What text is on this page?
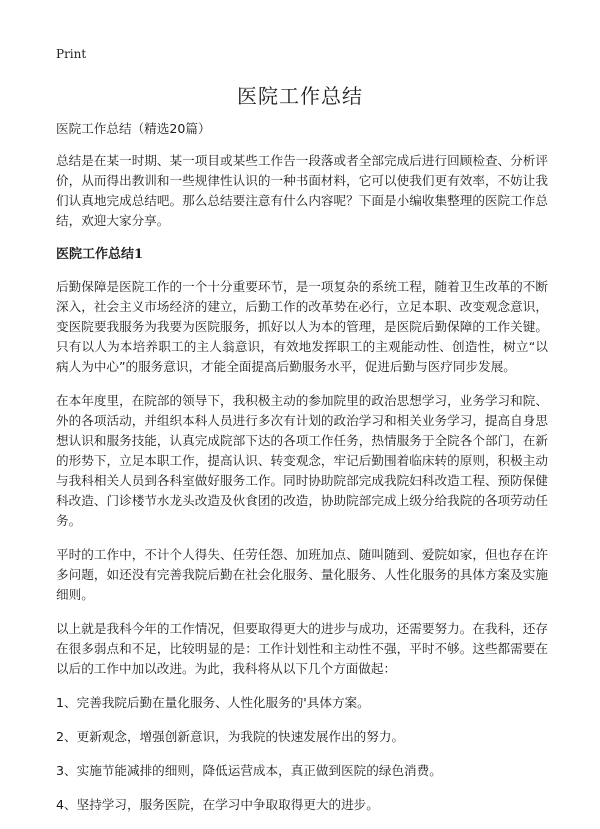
Print
医院工作总结

医院工作总结（精选20篇）

总结是在某一时期、某一项目或某些工作告一段落或者全部完成后进行回顾检查、分析评价，从而得出教训和一些规律性认识的一种书面材料，它可以使我们更有效率，不妨让我们认真地完成总结吧。那么总结要注意有什么内容呢？下面是小编收集整理的医院工作总结，欢迎大家分享。

医院工作总结1

后勤保障是医院工作的一个十分重要环节，是一项复杂的系统工程，随着卫生改革的不断深入，社会主义市场经济的建立，后勤工作的改革势在必行，立足本职、改变观念意识，变医院要我服务为我要为医院服务，抓好以人为本的管理，是医院后勤保障的工作关键。只有以人为本培养职工的主人翁意识，有效地发挥职工的主观能动性、创造性，树立“以病人为中心”的服务意识，才能全面提高后勤服务水平，促进后勤与医疗同步发展。

在本年度里，在院部的领导下，我积极主动的参加院里的政治思想学习，业务学习和院、外的各项活动，并组织本科人员进行多次有计划的政治学习和相关业务学习，提高自身思想认识和服务技能，认真完成院部下达的各项工作任务，热情服务于全院各个部门，在新的形势下，立足本职工作，提高认识、转变观念，牢记后勤围着临床转的原则，积极主动与我科相关人员到各科室做好服务工作。同时协助院部完成我院妇科改造工程、预防保健科改造、门诊楼节水龙头改造及伙食团的改造，协助院部完成上级分给我院的各项劳动任务。

平时的工作中，不计个人得失、任劳任怨、加班加点、随叫随到、爱院如家，但也存在许多问题，如还没有完善我院后勤在社会化服务、量化服务、人性化服务的具体方案及实施细则。

以上就是我科今年的工作情况，但要取得更大的进步与成功，还需要努力。在我科，还存在很多弱点和不足，比较明显的是：工作计划性和主动性不强，平时不够。这些都需要在以后的工作中加以改进。为此，我科将从以下几个方面做起：

1、完善我院后勤在量化服务、人性化服务的'具体方案。

2、更新观念，增强创新意识，为我院的快速发展作出的努力。

3、实施节能减排的细则，降低运营成本，真正做到医院的绿色消费。

4、坚持学习，服务医院，在学习中争取取得更大的进步。
